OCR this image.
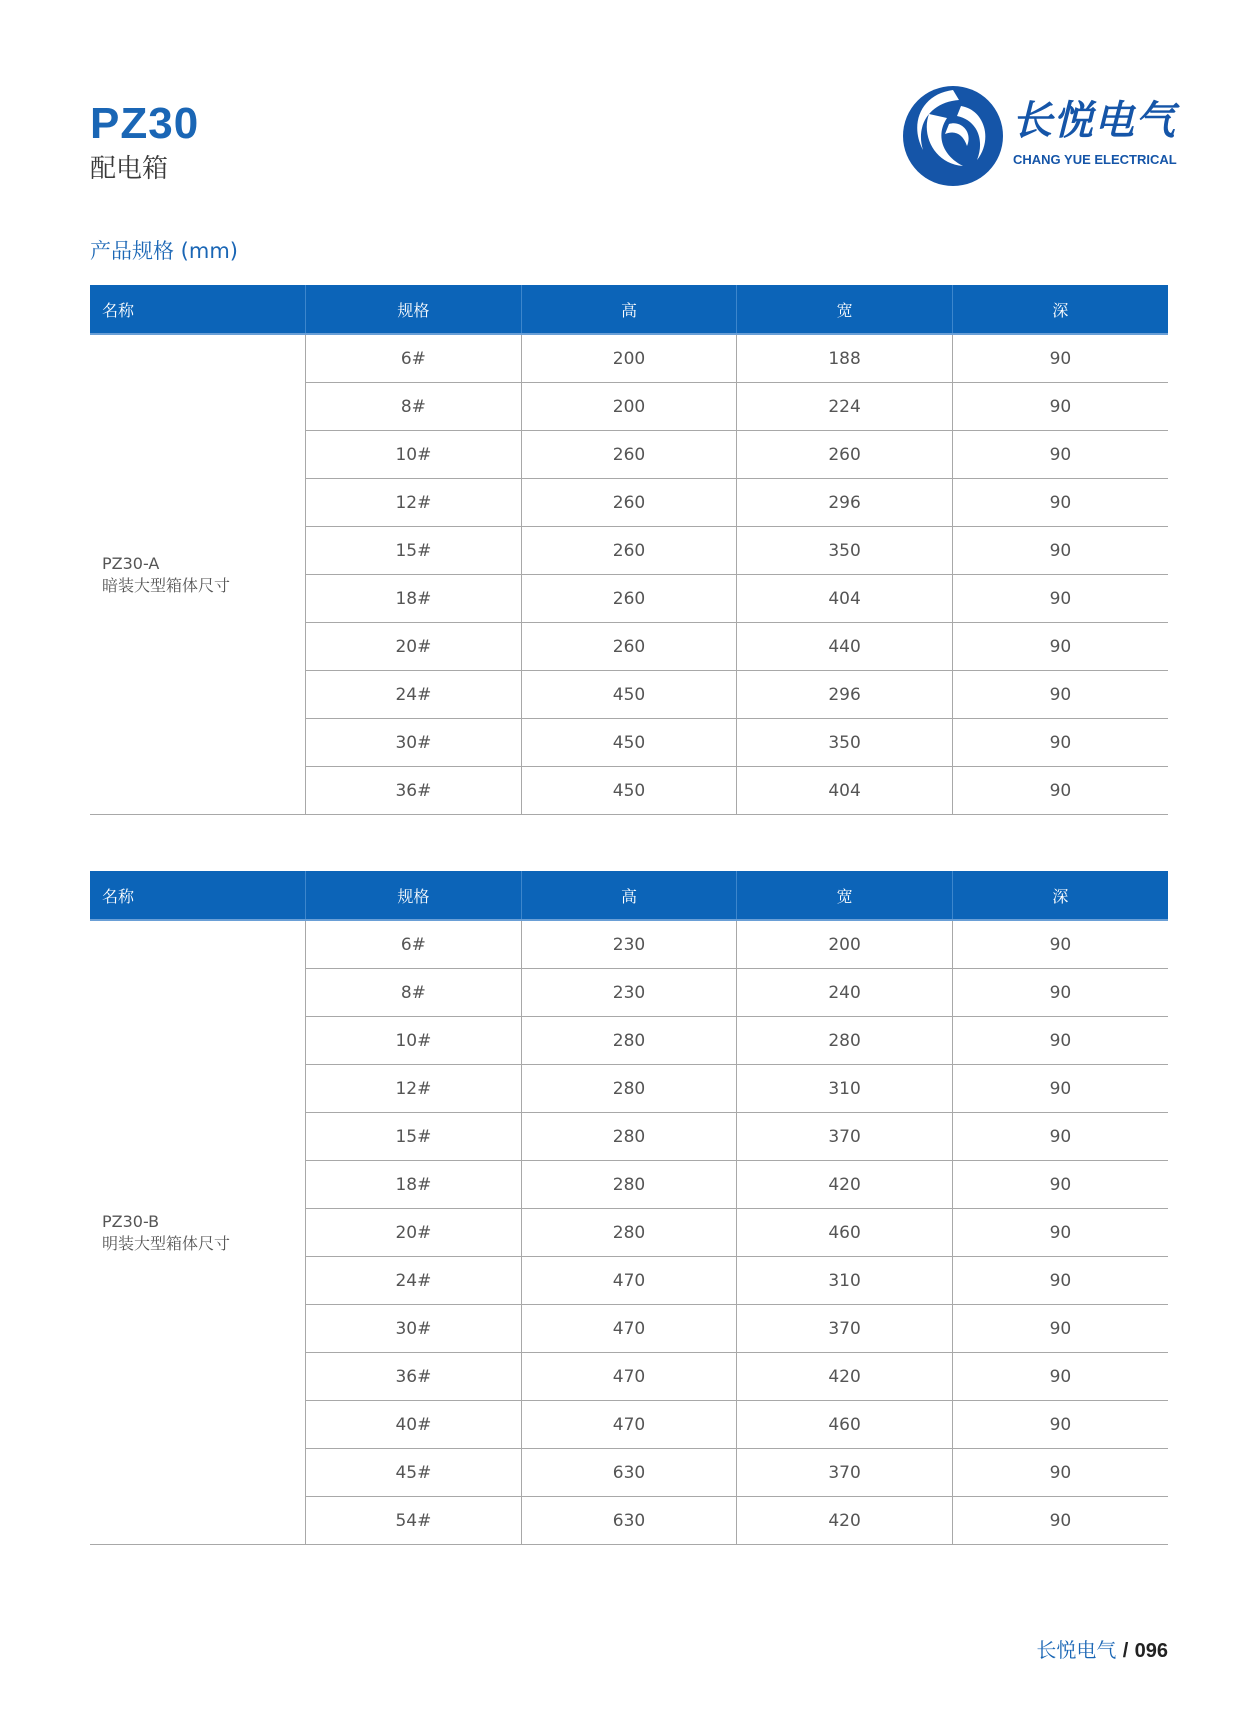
PZ30
配电箱
长悦电气
CHANG YUE ELECTRICAL
产品规格 (mm)
名称	规格	高	宽	深

PZ30-A
暗装大型箱体尺寸	6#	200	188	90
	8#	200	224	90
	10#	260	260	90
	12#	260	296	90
	15#	260	350	90
	18#	260	404	90
	20#	260	440	90
	24#	450	296	90
	30#	450	350	90
	36#	450	404	90
名称	规格	高	宽	深

PZ30-B
明装大型箱体尺寸	6#	230	200	90
	8#	230	240	90
	10#	280	280	90
	12#	280	310	90
	15#	280	370	90
	18#	280	420	90
	20#	280	460	90
	24#	470	310	90
	30#	470	370	90
	36#	470	420	90
	40#	470	460	90
	45#	630	370	90
	54#	630	420	90
长悦电气 / 096
